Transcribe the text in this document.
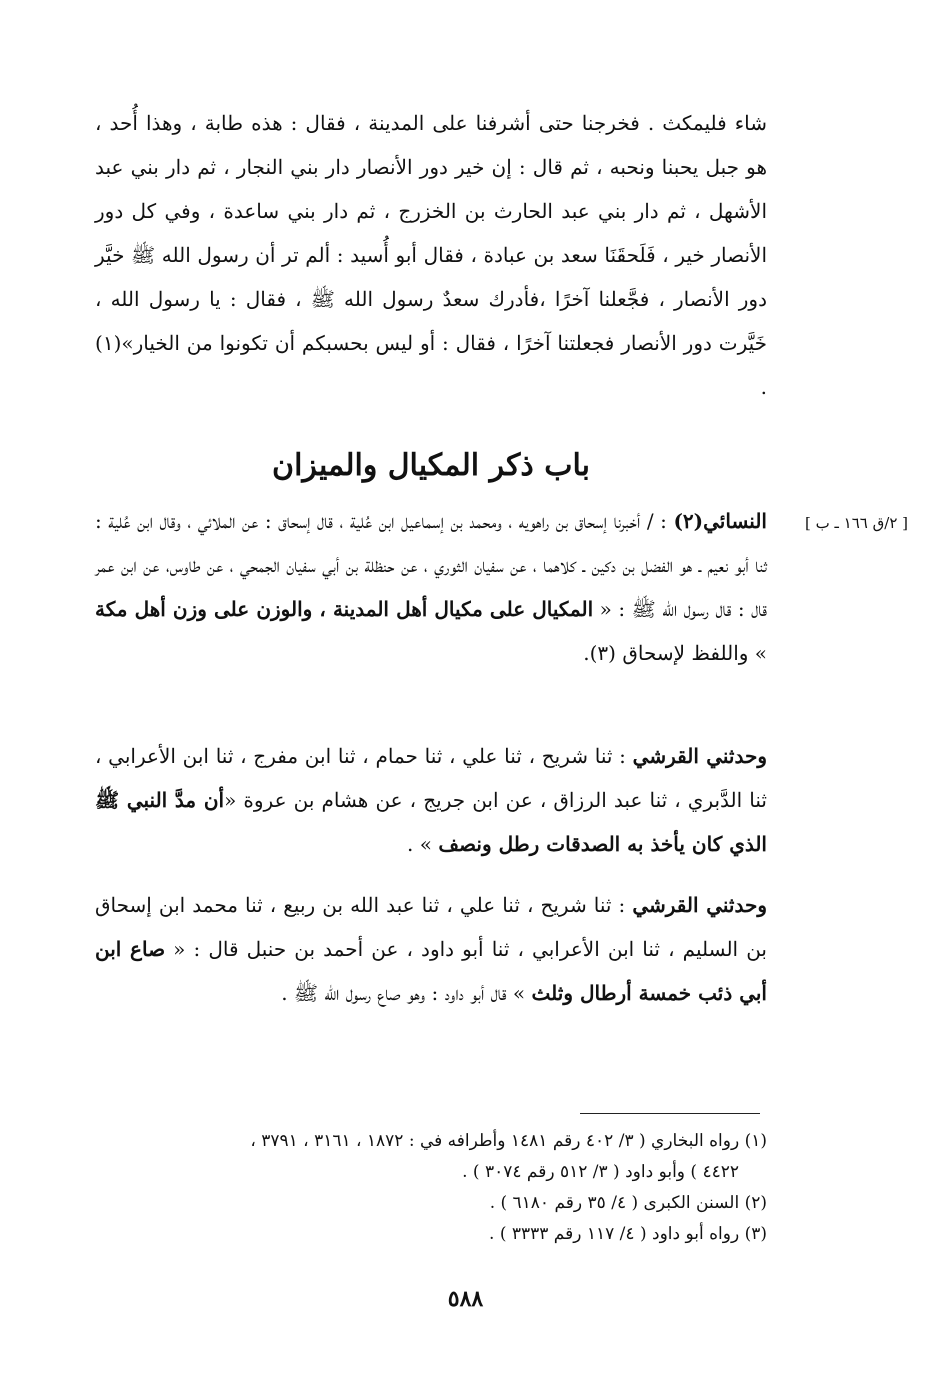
شاء فليمكث . فخرجنا حتى أشرفنا على المدينة ، فقال : هذه طابة ، وهذا أُحد ، هو جبل يحبنا ونحبه ، ثم قال : إن خير دور الأنصار دار بني النجار ، ثم دار بني عبد الأشهل ، ثم دار بني عبد الحارث بن الخزرج ، ثم دار بني ساعدة ، وفي كل دور الأنصار خير ، فَلَحقَنَا سعد بن عبادة ، فقال أبو أُسيد : ألم تر أن رسول الله ﷺ خيَّر دور الأنصار ، فجَّعلنا آخرًا ،فأدرك سعدٌ رسول الله ﷺ ، فقال : يا رسول الله ، خَيَّرت دور الأنصار فجعلتنا آخرًا ، فقال : أو ليس بحسبكم أن تكونوا من الخيار»(١) .

باب ذكر المكيال والميزان
[ ٢/ق ١٦٦ ـ ب ]

النسائي(٢) : / أخبرنا إسحاق بن راهويه ، ومحمد بن إسماعيل ابن عُلية ، قال إسحاق : عن الملائي ، وقال ابن عُلية : ثنا أبو نعيم ـ هو الفضل بن دكين ـ كلاهما ، عن سفيان الثوري ، عن حنظلة بن أبي سفيان الجمحي ، عن طاوس، عن ابن عمر قال : قال رسول الله ﷺ : « المكيال على مكيال أهل المدينة ، والوزن على وزن أهل مكة » واللفظ لإسحاق (٣).

وحدثني القرشي : ثنا شريح ، ثنا علي ، ثنا حمام ، ثنا ابن مفرج ، ثنا ابن الأعرابي ، ثنا الدَّبري ، ثنا عبد الرزاق ، عن ابن جريج ، عن هشام بن عروة «أن مدَّ النبي ﷺ الذي كان يأخذ به الصدقات رطل ونصف » .

وحدثني القرشي : ثنا شريح ، ثنا علي ، ثنا عبد الله بن ربيع ، ثنا محمد ابن إسحاق بن السليم ، ثنا ابن الأعرابي ، ثنا أبو داود ، عن أحمد بن حنبل قال : « صاع ابن أبي ذئب خمسة أرطال وثلث » قال أبو داود : وهو صاع رسول الله ﷺ .

(١) رواه البخاري ( ٣/ ٤٠٢ رقم ١٤٨١ وأطرافه في : ١٨٧٢ ، ٣١٦١ ، ٣٧٩١ ،

٤٤٢٢ ) وأبو داود ( ٣/ ٥١٢ رقم ٣٠٧٤ ) .

(٢) السنن الكبرى ( ٤/ ٣٥ رقم ٦١٨٠ ) .

(٣) رواه أبو داود ( ٤/ ١١٧ رقم ٣٣٣٣ ) .

٥٨٨
